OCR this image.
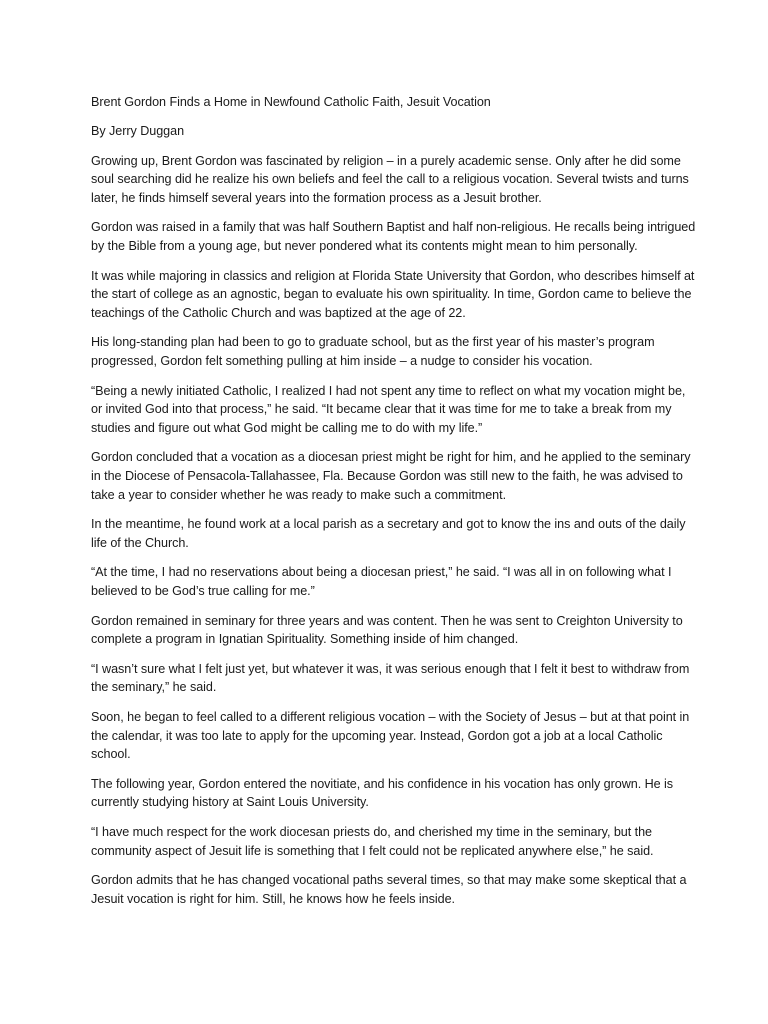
Brent Gordon Finds a Home in Newfound Catholic Faith, Jesuit Vocation

By Jerry Duggan

Growing up, Brent Gordon was fascinated by religion – in a purely academic sense. Only after he did some soul searching did he realize his own beliefs and feel the call to a religious vocation. Several twists and turns later, he finds himself several years into the formation process as a Jesuit brother.

Gordon was raised in a family that was half Southern Baptist and half non-religious. He recalls being intrigued by the Bible from a young age, but never pondered what its contents might mean to him personally.

It was while majoring in classics and religion at Florida State University that Gordon, who describes himself at the start of college as an agnostic, began to evaluate his own spirituality. In time, Gordon came to believe the teachings of the Catholic Church and was baptized at the age of 22.

His long-standing plan had been to go to graduate school, but as the first year of his master’s program progressed, Gordon felt something pulling at him inside – a nudge to consider his vocation.

“Being a newly initiated Catholic, I realized I had not spent any time to reflect on what my vocation might be, or invited God into that process,” he said. “It became clear that it was time for me to take a break from my studies and figure out what God might be calling me to do with my life.”

Gordon concluded that a vocation as a diocesan priest might be right for him, and he applied to the seminary in the Diocese of Pensacola-Tallahassee, Fla. Because Gordon was still new to the faith, he was advised to take a year to consider whether he was ready to make such a commitment.

In the meantime, he found work at a local parish as a secretary and got to know the ins and outs of the daily life of the Church.

“At the time, I had no reservations about being a diocesan priest,” he said. “I was all in on following what I believed to be God’s true calling for me.”

Gordon remained in seminary for three years and was content. Then he was sent to Creighton University to complete a program in Ignatian Spirituality. Something inside of him changed.

“I wasn’t sure what I felt just yet, but whatever it was, it was serious enough that I felt it best to withdraw from the seminary,” he said.

Soon, he began to feel called to a different religious vocation – with the Society of Jesus – but at that point in the calendar, it was too late to apply for the upcoming year. Instead, Gordon got a job at a local Catholic school.

The following year, Gordon entered the novitiate, and his confidence in his vocation has only grown. He is currently studying history at Saint Louis University.

“I have much respect for the work diocesan priests do, and cherished my time in the seminary, but the community aspect of Jesuit life is something that I felt could not be replicated anywhere else,” he said.

Gordon admits that he has changed vocational paths several times, so that may make some skeptical that a Jesuit vocation is right for him. Still, he knows how he feels inside.
